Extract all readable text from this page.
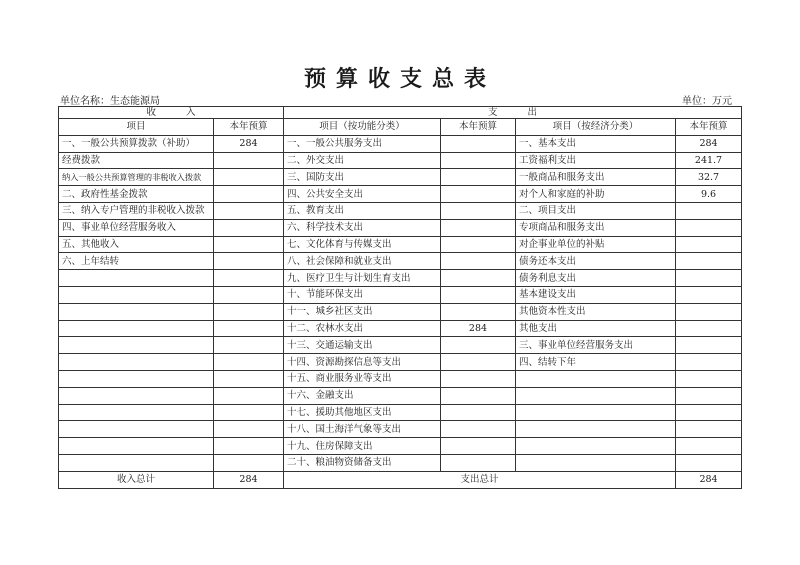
预算收支总表
单位名称：生态能源局	单位：万元
收 入		支 出			
项目	本年预算	项目（按功能分类）	本年预算	项目（按经济分类）	本年预算
一、一般公共预算拨款（补助）	284	一、一般公共服务支出		一、基本支出	284
经费拨款		二、外交支出		工资福利支出	241.7
纳入一般公共预算管理的非税收入拨款		三、国防支出		一般商品和服务支出	32.7
二、政府性基金拨款		四、公共安全支出		对个人和家庭的补助	9.6
三、纳入专户管理的非税收入拨款		五、教育支出		二、项目支出	
四、事业单位经营服务收入		六、科学技术支出		专项商品和服务支出	
五、其他收入		七、文化体育与传媒支出		对企事业单位的补贴	
六、上年结转		八、社会保障和就业支出		债务还本支出	
		九、医疗卫生与计划生育支出		债务利息支出	
		十、节能环保支出		基本建设支出	
		十一、城乡社区支出		其他资本性支出	
		十二、农林水支出	284	其他支出	
		十三、交通运输支出		三、事业单位经营服务支出	
		十四、资源勘探信息等支出		四、结转下年	
		十五、商业服务业等支出			
		十六、金融支出			
		十七、援助其他地区支出			
		十八、国土海洋气象等支出			
		十九、住房保障支出			
		二十、粮油物资储备支出			
收入总计	284	支出总计			284
